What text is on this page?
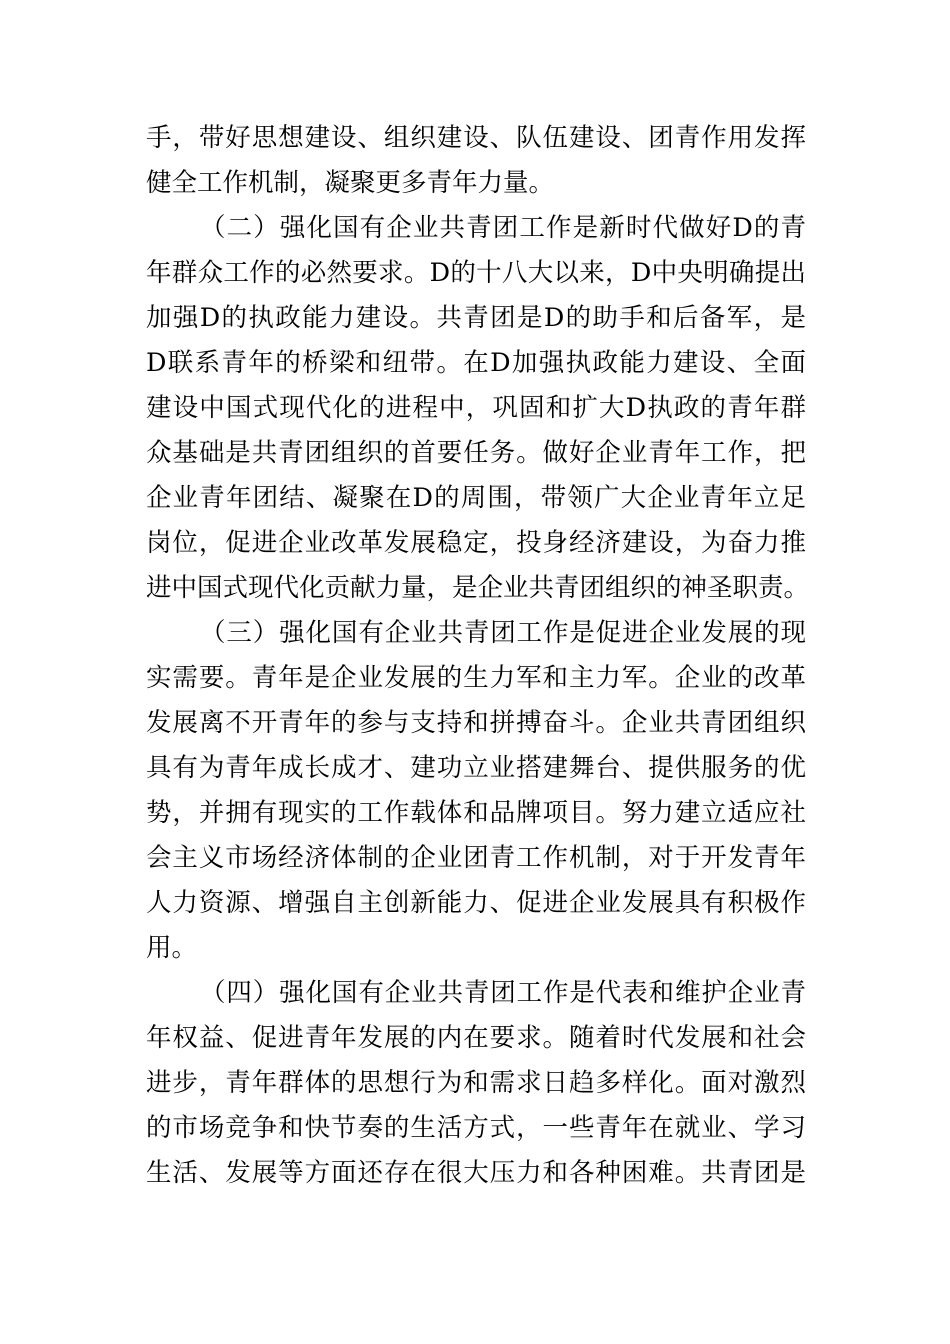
手，带好思想建设、组织建设、队伍建设、团青作用发挥
健全工作机制，凝聚更多青年力量。
（二）强化国有企业共青团工作是新时代做好D的青
年群众工作的必然要求。D的十八大以来，D中央明确提出
加强D的执政能力建设。共青团是D的助手和后备军，是
D联系青年的桥梁和纽带。在D加强执政能力建设、全面
建设中国式现代化的进程中，巩固和扩大D执政的青年群
众基础是共青团组织的首要任务。做好企业青年工作，把
企业青年团结、凝聚在D的周围，带领广大企业青年立足
岗位，促进企业改革发展稳定，投身经济建设，为奋力推
进中国式现代化贡献力量，是企业共青团组织的神圣职责。
（三）强化国有企业共青团工作是促进企业发展的现
实需要。青年是企业发展的生力军和主力军。企业的改革
发展离不开青年的参与支持和拼搏奋斗。企业共青团组织
具有为青年成长成才、建功立业搭建舞台、提供服务的优
势，并拥有现实的工作载体和品牌项目。努力建立适应社
会主义市场经济体制的企业团青工作机制，对于开发青年
人力资源、增强自主创新能力、促进企业发展具有积极作
用。
（四）强化国有企业共青团工作是代表和维护企业青
年权益、促进青年发展的内在要求。随着时代发展和社会
进步，青年群体的思想行为和需求日趋多样化。面对激烈
的市场竞争和快节奏的生活方式，一些青年在就业、学习
生活、发展等方面还存在很大压力和各种困难。共青团是
